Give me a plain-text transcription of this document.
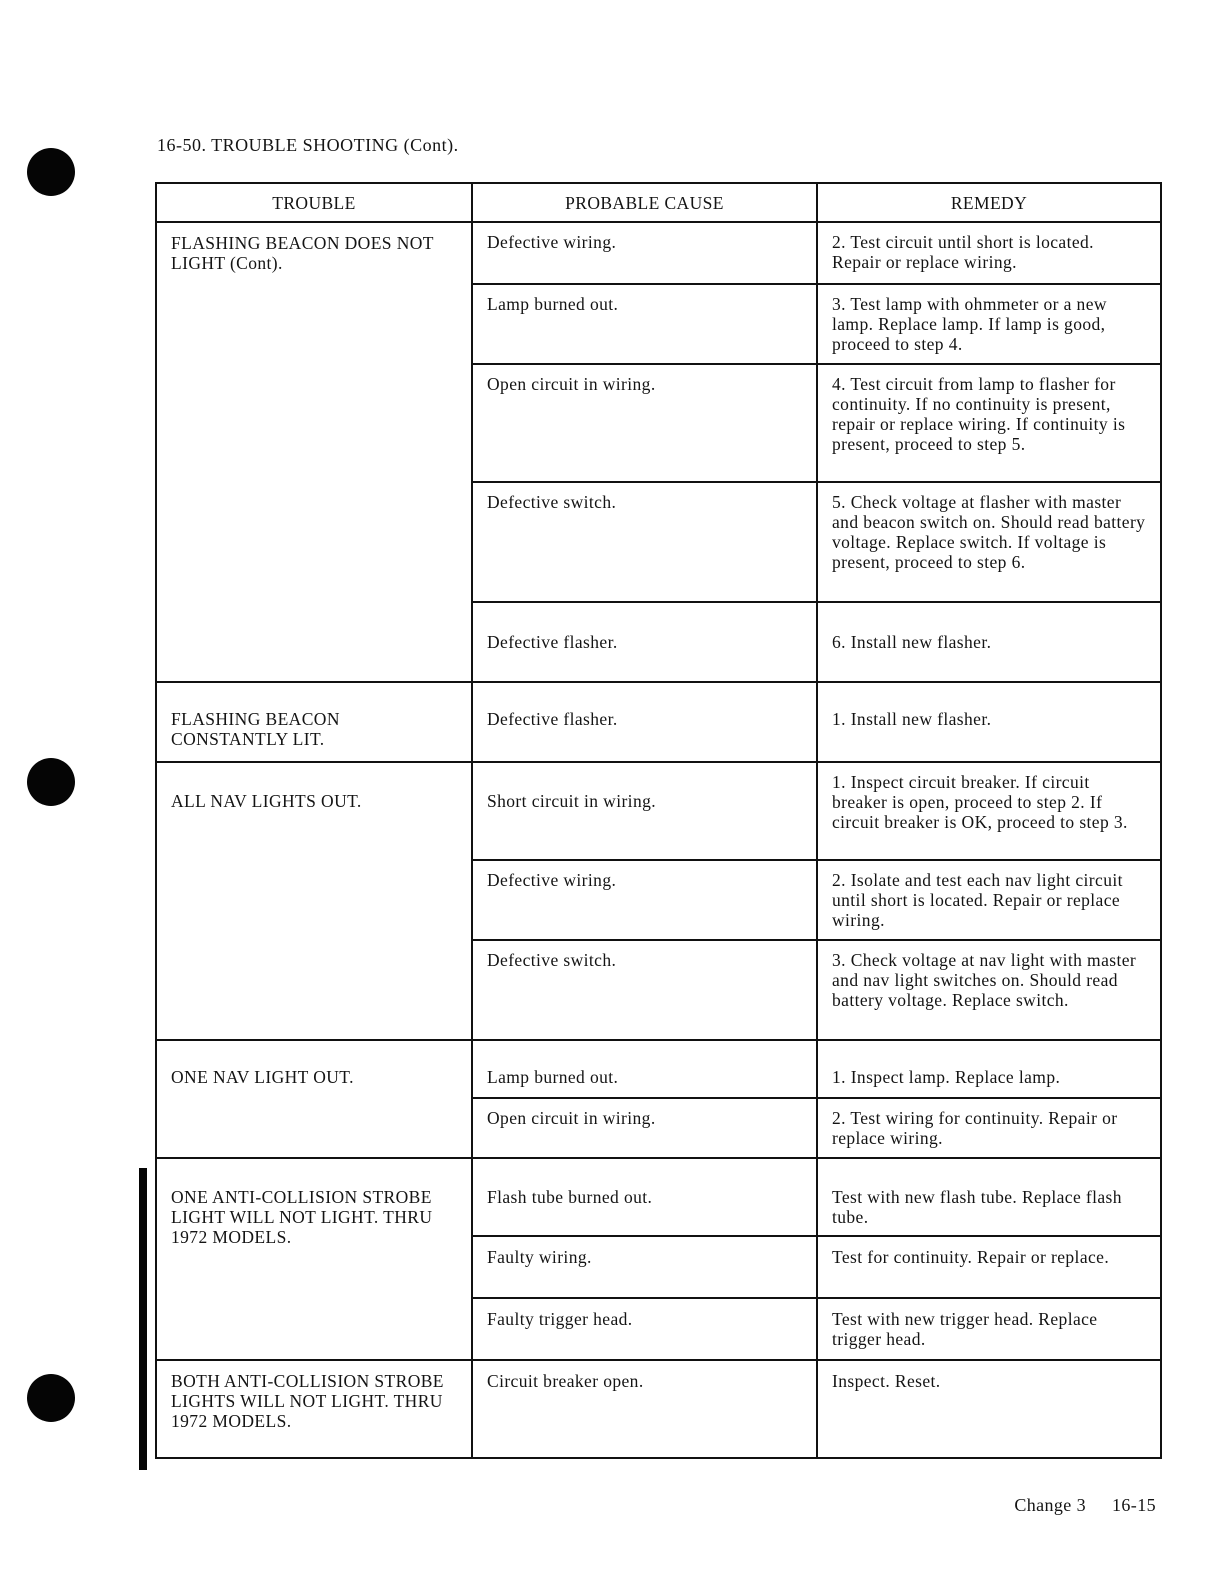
16-50. TROUBLE SHOOTING (Cont).
TROUBLE	PROBABLE CAUSE	REMEDY
FLASHING BEACON DOES NOT LIGHT (Cont).	Defective wiring.	2. Test circuit until short is located. Repair or replace wiring.
	Lamp burned out.	3. Test lamp with ohmmeter or a new lamp. Replace lamp. If lamp is good, proceed to step 4.
	Open circuit in wiring.	4. Test circuit from lamp to flasher for continuity. If no continuity is present, repair or replace wiring. If continuity is present, proceed to step 5.
	Defective switch.	5. Check voltage at flasher with master and beacon switch on. Should read battery voltage. Replace switch. If voltage is present, proceed to step 6.
	Defective flasher.	6. Install new flasher.
FLASHING BEACON CONSTANTLY LIT.	Defective flasher.	1. Install new flasher.
ALL NAV LIGHTS OUT.	Short circuit in wiring.	1. Inspect circuit breaker. If circuit breaker is open, proceed to step 2. If circuit breaker is OK, proceed to step 3.
	Defective wiring.	2. Isolate and test each nav light circuit until short is located. Repair or replace wiring.
	Defective switch.	3. Check voltage at nav light with master and nav light switches on. Should read battery voltage. Replace switch.
ONE NAV LIGHT OUT.	Lamp burned out.	1. Inspect lamp. Replace lamp.
	Open circuit in wiring.	2. Test wiring for continuity. Repair or replace wiring.
ONE ANTI-COLLISION STROBE LIGHT WILL NOT LIGHT. THRU 1972 MODELS.	Flash tube burned out.	Test with new flash tube. Replace flash tube.
	Faulty wiring.	Test for continuity. Repair or replace.
	Faulty trigger head.	Test with new trigger head. Replace trigger head.
BOTH ANTI-COLLISION STROBE LIGHTS WILL NOT LIGHT. THRU 1972 MODELS.	Circuit breaker open.	Inspect. Reset.

Change 3 16-15
